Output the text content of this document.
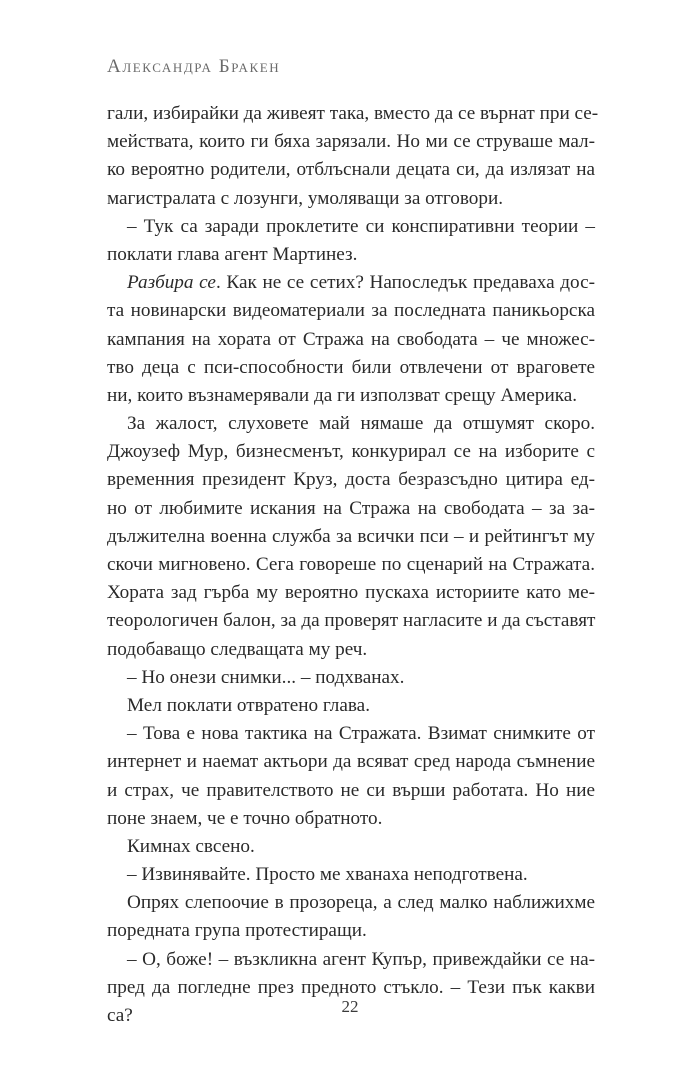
Александра Бракен
гали, избирайки да живеят така, вместо да се върнат при се-
мействата, които ги бяха зарязали. Но ми се струваше мал-
ко вероятно родители, отблъснали децата си, да излязат на
магистралата с лозунги, умоляващи за отговори.
– Тук са заради проклетите си конспиративни теории –
поклати глава агент Мартинез.
Разбира се. Как не се сетих? Напоследък предаваха дос-
та новинарски видеоматериали за последната паникьорска
кампания на хората от Стража на свободата – че множес-
тво деца с пси-способности били отвлечени от враговете
ни, които възнамерявали да ги използват срещу Америка.
За жалост, слуховете май нямаше да отшумят скоро.
Джоузеф Мур, бизнесменът, конкурирал се на изборите с
временния президент Круз, доста безразсъдно цитира ед-
но от любимите искания на Стража на свободата – за за-
дължителна военна служба за всички пси – и рейтингът му
скочи мигновено. Сега говореше по сценарий на Стражата.
Хората зад гърба му вероятно пускаха историите като ме-
теорологичен балон, за да проверят нагласите и да съставят
подобаващо следващата му реч.
– Но онези снимки... – подхванах.
Мел поклати отвратено глава.
– Това е нова тактика на Стражата. Взимат снимките от
интернет и наемат актьори да всяват сред народа съмнение
и страх, че правителството не си върши работата. Но ние
поне знаем, че е точно обратното.
Кимнах свсено.
– Извинявайте. Просто ме хванаха неподготвена.
Опрях слепоочие в прозореца, а след малко наближихме
поредната група протестиращи.
– О, боже! – възкликна агент Купър, привеждайки се на-
пред да погледне през предното стъкло. – Тези пък какви
са?	22
